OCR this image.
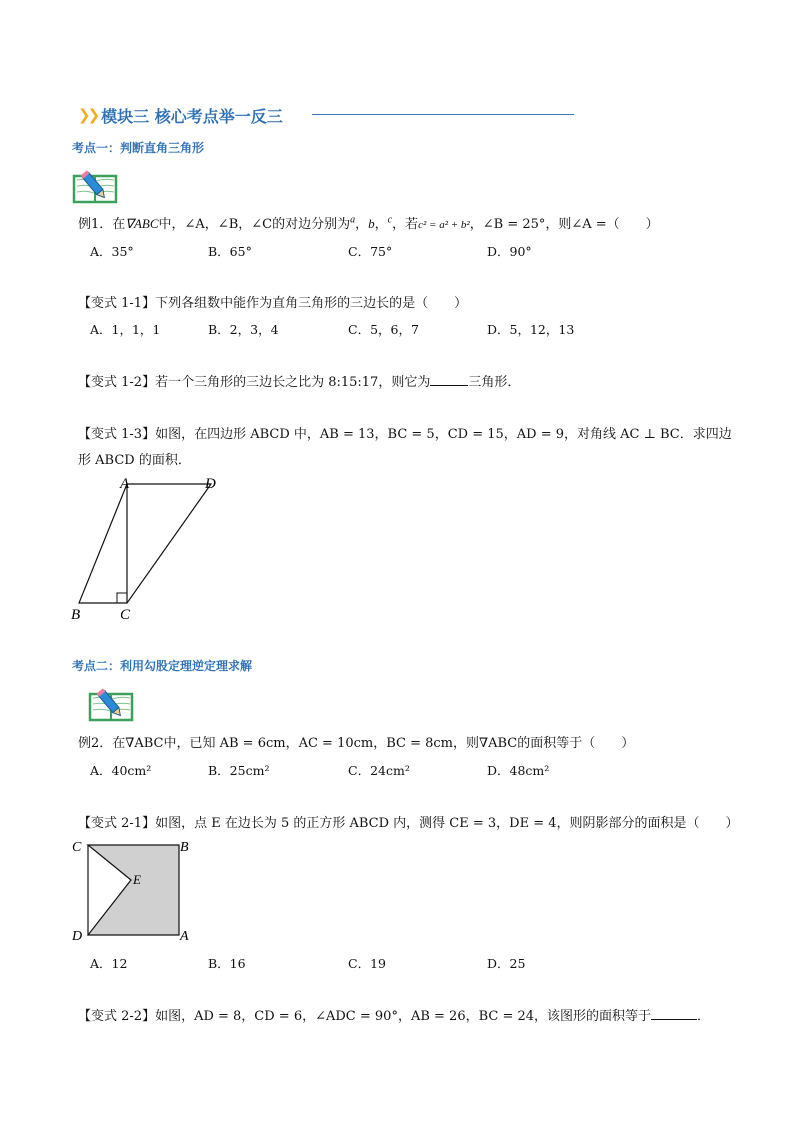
❯❯ 模块三 核心考点举一反三
考点一：判断直角三角形
例1．在∇ABC中，∠A，∠B，∠C的对边分别为$^a$，b，$^c$，若c² = a² + b²，∠B = 25°，则∠A =（　　）
A．35°	B．65°	C．75°	D．90°
【变式 1-1】下列各组数中能作为直角三角形的三边长的是（　　）
A．1，1，1	B．2，3，4	C．5，6，7	D．5，12，13
【变式 1-2】若一个三角形的三边长之比为 8:15:17，则它为	三角形．
【变式 1-3】如图，在四边形 ABCD 中，AB = 13，BC = 5，CD = 15，AD = 9，对角线 AC ⊥ BC．求四边
形 ABCD 的面积．
A	D
B	C
考点二：利用勾股定理逆定理求解
例2．在∇ABC中，已知 AB = 6cm，AC = 10cm，BC = 8cm，则∇ABC的面积等于（　　）
A．40cm²	B．25cm²	C．24cm²	D．48cm²
【变式 2-1】如图，点 E 在边长为 5 的正方形 ABCD 内，测得 CE = 3，DE = 4，则阴影部分的面积是（　　）
C	B
D	A
E
A．12	B．16	C．19	D．25
【变式 2-2】如图，AD = 8，CD = 6，∠ADC = 90°，AB = 26，BC = 24，该图形的面积等于	．
